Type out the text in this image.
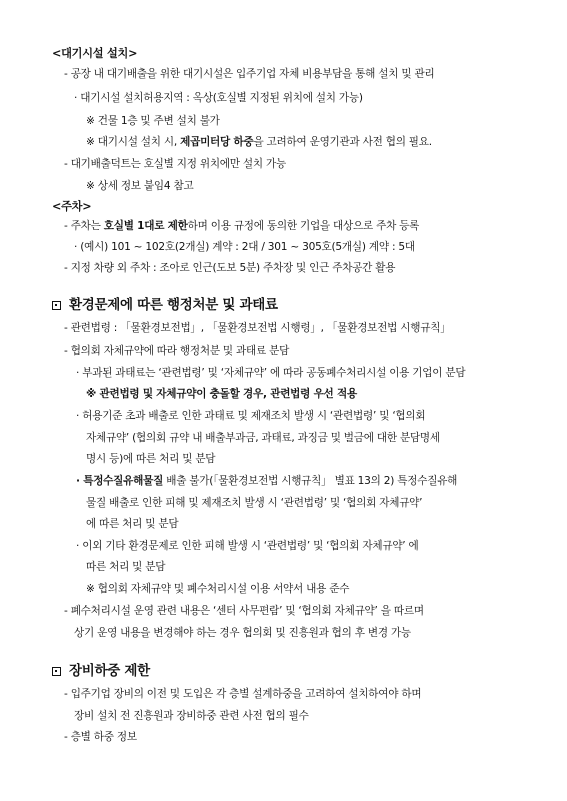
<대기시설 설치>
- 공장 내 대기배출을 위한 대기시설은 입주기업 자체 비용부담을 통해 설치 및 관리
· 대기시설 설치허용지역 : 옥상(호실별 지정된 위치에 설치 가능)
※ 건물 1층 및 주변 설치 불가
※ 대기시설 설치 시, 제곱미터당 하중을 고려하여 운영기관과 사전 협의 필요.
- 대기배출덕트는 호실별 지정 위치에만 설치 가능
※ 상세 정보 붙임4 참고
<주차>
- 주차는 호실별 1대로 제한하며 이용 규정에 동의한 기업을 대상으로 주차 등록
· (예시) 101 ~ 102호(2개실) 계약 : 2대 / 301 ~ 305호(5개실) 계약 : 5대
- 지정 차량 외 주차 : 조아로 인근(도보 5분) 주차장 및 인근 주차공간 활용
환경문제에 따른 행정처분 및 과태료
- 관련법령 : 「물환경보전법」, 「물환경보전법 시행령」, 「물환경보전법 시행규칙」
- 협의회 자체규약에 따라 행정처분 및 과태료 분담
· 부과된 과태료는 ‘관련법령’ 및 ‘자체규약’ 에 따라 공동폐수처리시설 이용 기업이 분담
※ 관련법령 및 자체규약이 충돌할 경우, 관련법령 우선 적용
· 허용기준 초과 배출로 인한 과태료 및 제재조치 발생 시 ‘관련법령’ 및 ‘협의회
자체규약’ (협의회 규약 내 배출부과금, 과태료, 과징금 및 벌금에 대한 분담명세
명시 등)에 따른 처리 및 분담
· 특정수질유해물질 배출 불가(「물환경보전법 시행규칙」 별표 13의 2) 특정수질유해
물질 배출로 인한 피해 및 제재조치 발생 시 ‘관련법령’ 및 ‘협의회 자체규약’
에 따른 처리 및 분담
· 이외 기타 환경문제로 인한 피해 발생 시 ‘관련법령’ 및 ‘협의회 자체규약’ 에
따른 처리 및 분담
※ 협의회 자체규약 및 폐수처리시설 이용 서약서 내용 준수
- 폐수처리시설 운영 관련 내용은 ‘센터 사무편람’ 및 ‘협의회 자체규약’ 을 따르며
상기 운영 내용을 변경해야 하는 경우 협의회 및 진흥원과 협의 후 변경 가능
장비하중 제한
- 입주기업 장비의 이전 및 도입은 각 층별 설계하중을 고려하여 설치하여야 하며
장비 설치 전 진흥원과 장비하중 관련 사전 협의 필수
- 층별 하중 정보
